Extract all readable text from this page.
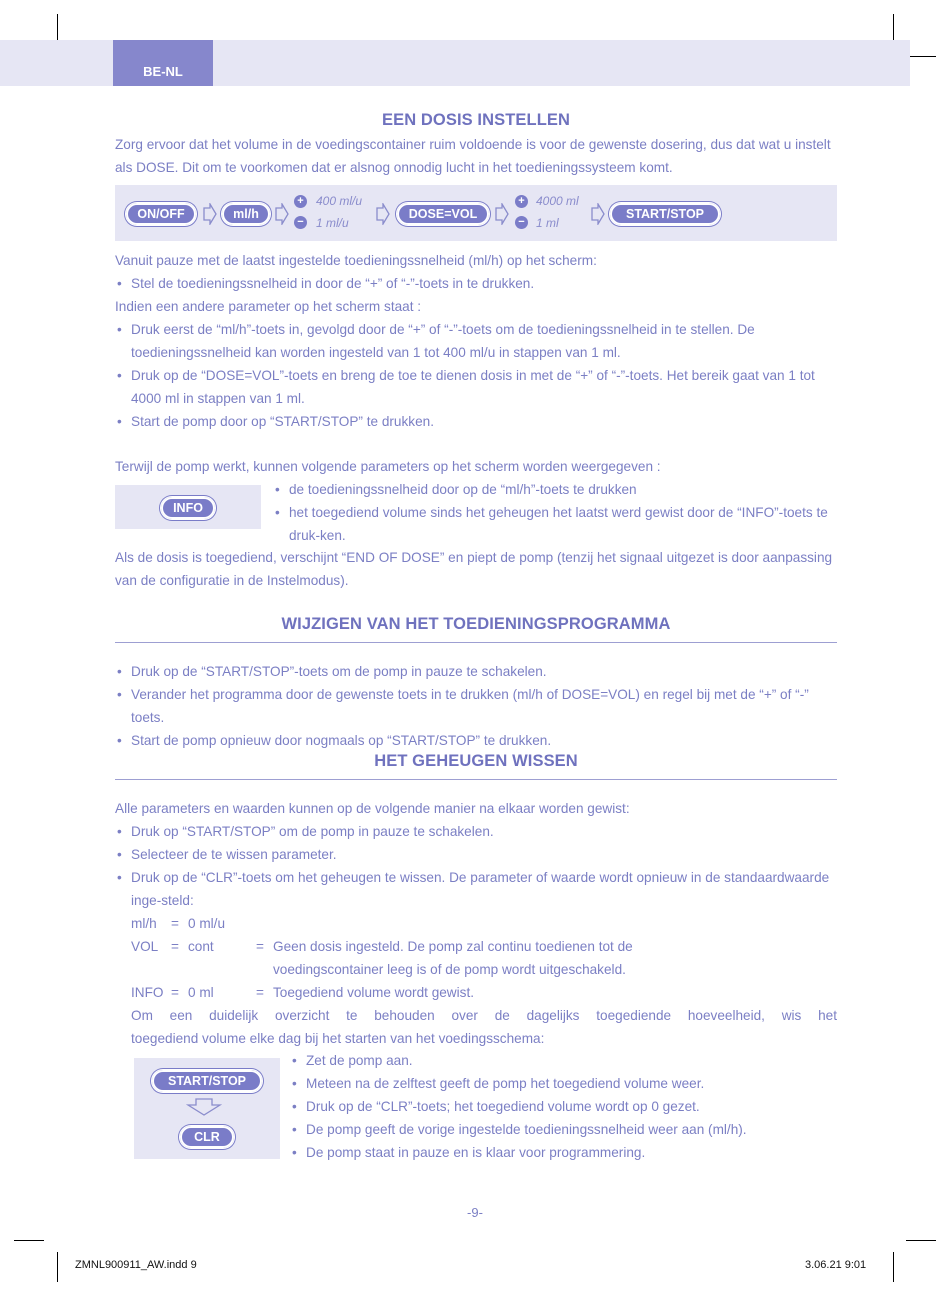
BE-NL
EEN DOSIS INSTELLEN

Zorg ervoor dat het volume in de voedingscontainer ruim voldoende is voor de gewenste dosering, dus dat wat u instelt als DOSE. Dit om te voorkomen dat er alsnog onnodig lucht in het toedieningssysteem komt.

ON/OFF	ml/h
+
−
400 ml/u
1 ml/u
DOSE=VOL
+
−
4000 ml
1 ml
START/STOP

Vanuit pauze met de laatst ingestelde toedieningssnelheid (ml/h) op het scherm:

• Stel de toedieningssnelheid in door de “+” of “-”-toets in te drukken.

Indien een andere parameter op het scherm staat :

• Druk eerst de “ml/h”-toets in, gevolgd door de “+” of “-”-toets om de toedieningssnelheid in te stellen. De toedieningssnelheid kan worden ingesteld van 1 tot 400 ml/u in stappen van 1 ml.
• Druk op de “DOSE=VOL”-toets en breng de toe te dienen dosis in met de “+” of “-”-toets. Het bereik gaat van 1 tot 4000 ml in stappen van 1 ml.
• Start de pomp door op “START/STOP” te drukken.

Terwijl de pomp werkt, kunnen volgende parameters op het scherm worden weergegeven :

INFO
• de toedieningssnelheid door op de “ml/h”-toets te drukken
• het toegediend volume sinds het geheugen het laatst werd gewist door de “INFO”-toets te druk-ken.

Als de dosis is toegediend, verschijnt “END OF DOSE” en piept de pomp (tenzij het signaal uitgezet is door aanpassing van de configuratie in de Instelmodus).

WIJZIGEN VAN HET TOEDIENINGSPROGRAMMA
• Druk op de “START/STOP”-toets om de pomp in pauze te schakelen.
• Verander het programma door de gewenste toets in te drukken (ml/h of DOSE=VOL) en regel bij met de “+” of “-” toets.
• Start de pomp opnieuw door nogmaals op “START/STOP” te drukken.
HET GEHEUGEN WISSEN

Alle parameters en waarden kunnen op de volgende manier na elkaar worden gewist:

• Druk op “START/STOP” om de pomp in pauze te schakelen.
• Selecteer de te wissen parameter.
• Druk op de “CLR”-toets om het geheugen te wissen. De parameter of waarde wordt opnieuw in de standaardwaarde inge-steld:
ml/h	= 0 ml/u
VOL = cont	= Geen dosis ingesteld. De pomp zal continu toedienen tot de voedingscontainer leeg is of de pomp wordt uitgeschakeld.
INFO = 0 ml	= Toegediend volume wordt gewist.

Om een duidelijk overzicht te behouden over de dagelijks toegediende hoeveelheid, wis het

toegediend volume elke dag bij het starten van het voedingsschema:

START/STOP
CLR
• Zet de pomp aan.
• Meteen na de zelftest geeft de pomp het toegediend volume weer.
• Druk op de “CLR”-toets; het toegediend volume wordt op 0 gezet.
• De pomp geeft de vorige ingestelde toedieningssnelheid weer aan (ml/h).
• De pomp staat in pauze en is klaar voor programmering.
-9-
ZMNL900911_AW.indd 9	3.06.21 9:01
